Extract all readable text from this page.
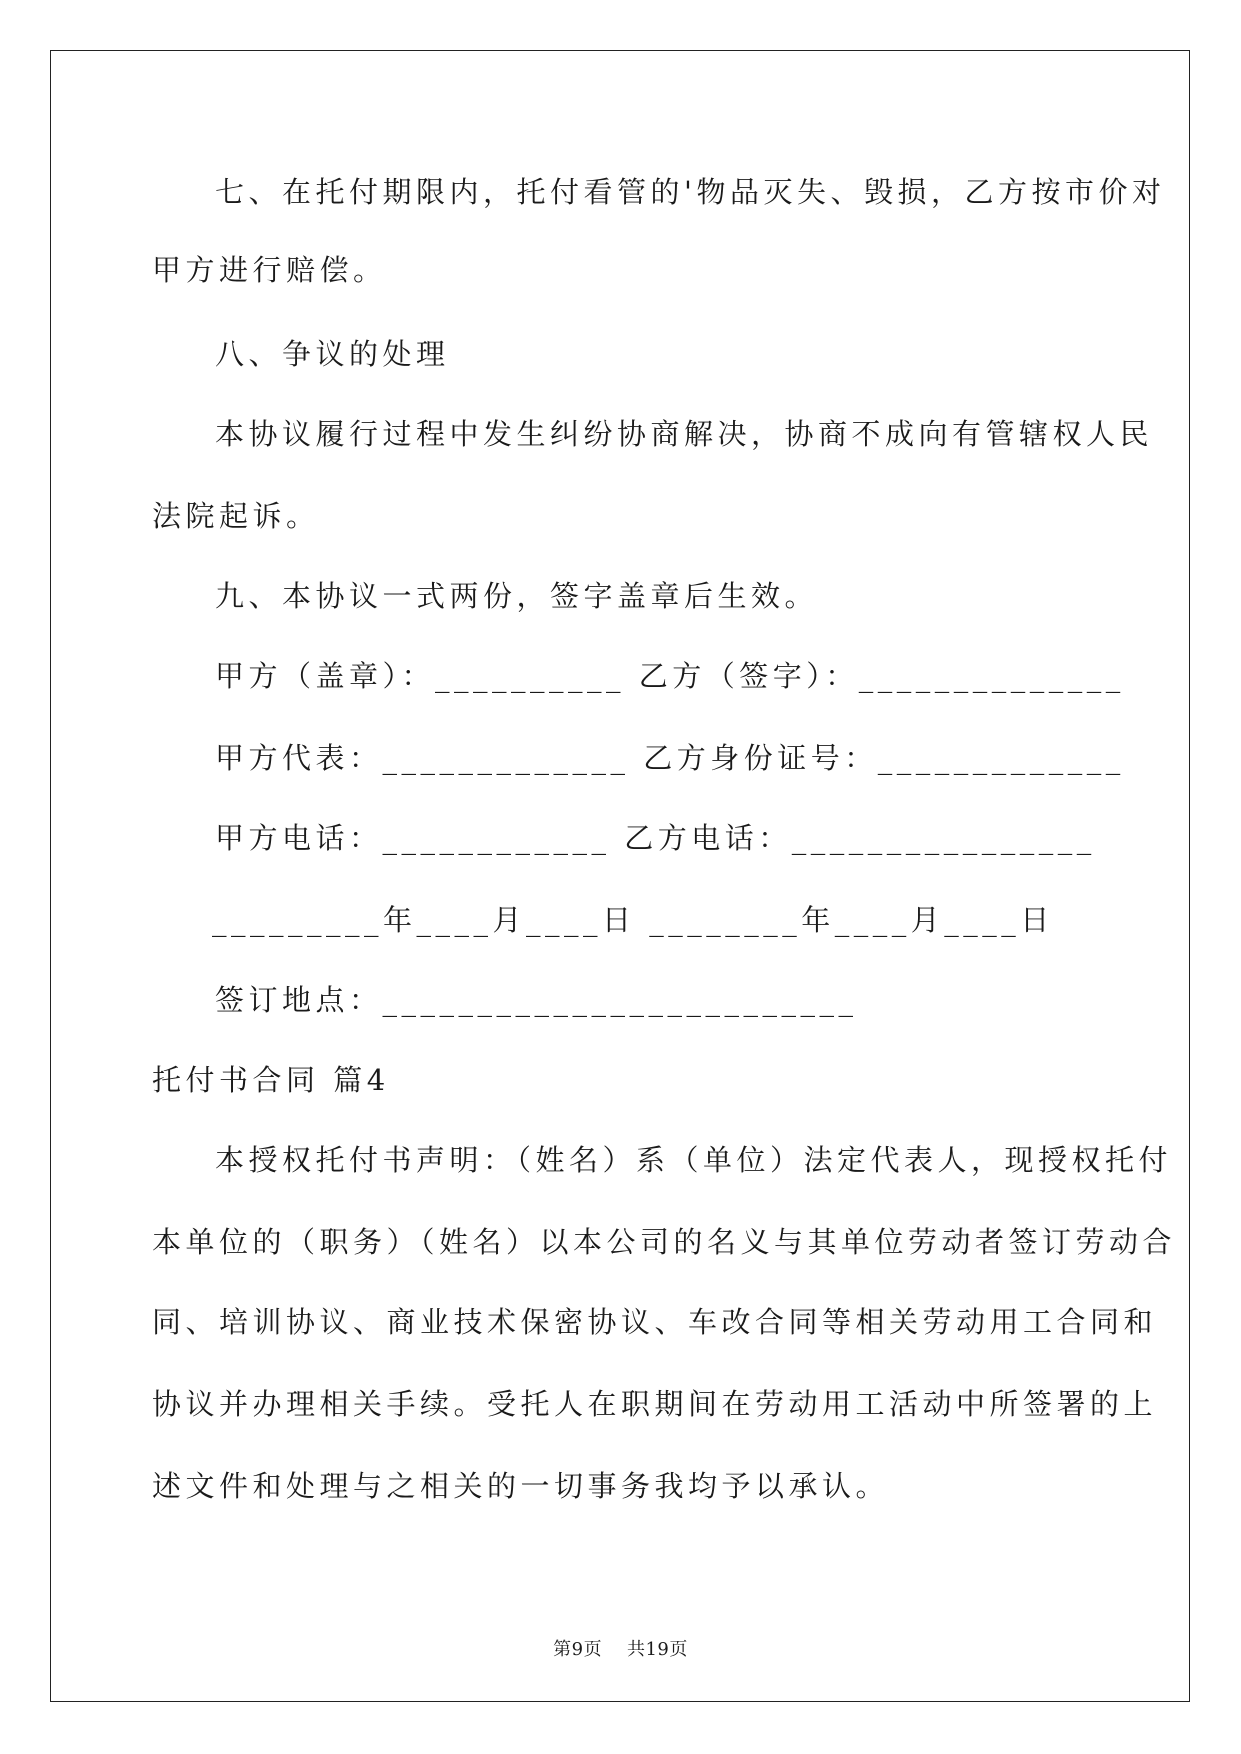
七、在托付期限内，托付看管的'物品灭失、毁损，乙方按市价对
甲方进行赔偿。
八、争议的处理
本协议履行过程中发生纠纷协商解决，协商不成向有管辖权人民
法院起诉。
九、本协议一式两份，签字盖章后生效。
甲方（盖章）：__________ 乙方（签字）：______________
甲方代表：_____________ 乙方身份证号：_____________
甲方电话：____________ 乙方电话：________________
_________年____月____日 ________年____月____日
签订地点：_________________________
托付书合同 篇4
本授权托付书声明：（姓名）系（单位）法定代表人，现授权托付
本单位的（职务）（姓名）以本公司的名义与其单位劳动者签订劳动合
同、培训协议、商业技术保密协议、车改合同等相关劳动用工合同和
协议并办理相关手续。受托人在职期间在劳动用工活动中所签署的上
述文件和处理与之相关的一切事务我均予以承认。
第9页 共19页
